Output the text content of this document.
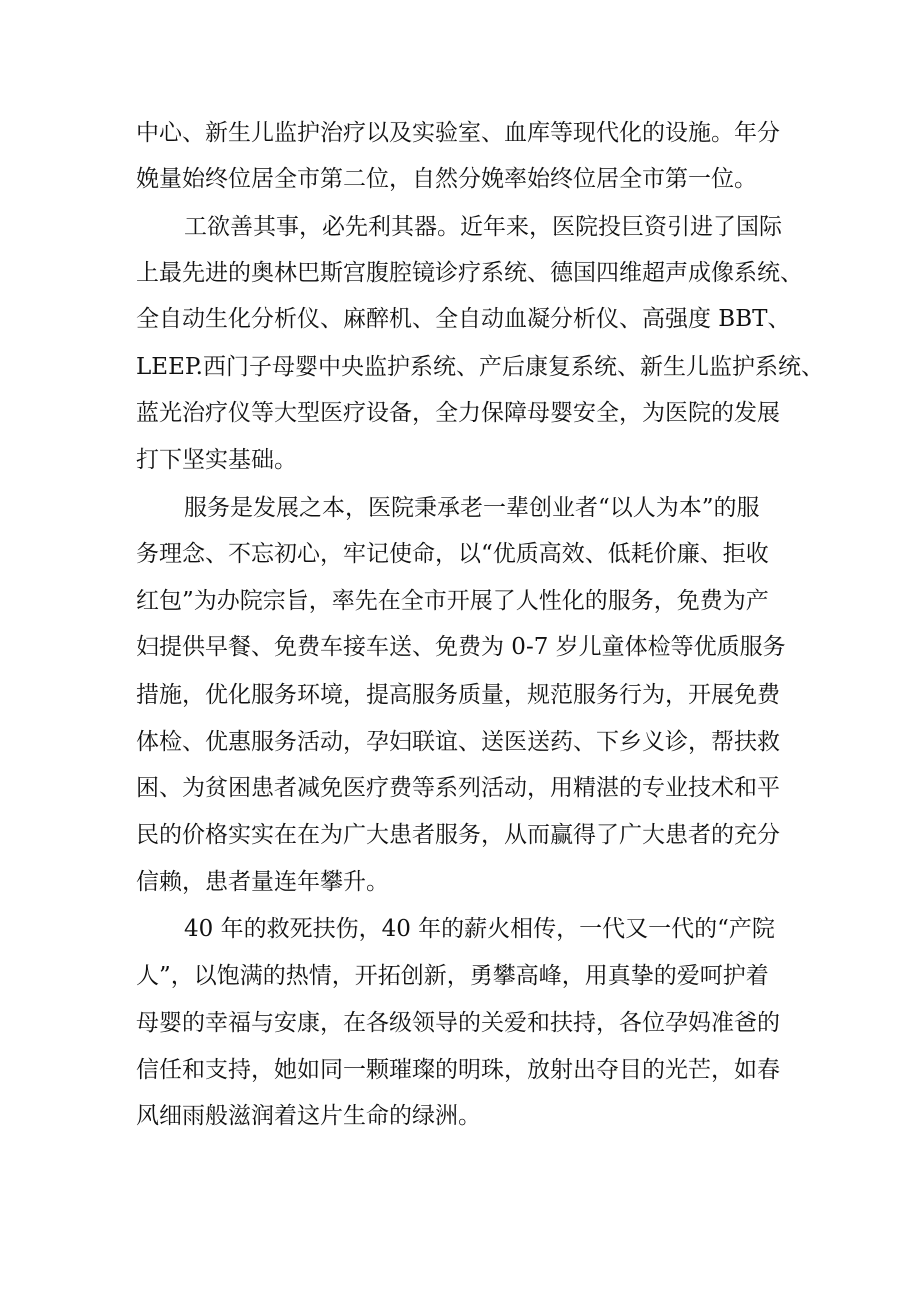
中心、新生儿监护治疗以及实验室、血库等现代化的设施。年分

娩量始终位居全市第二位，自然分娩率始终位居全市第一位。

工欲善其事，必先利其器。近年来，医院投巨资引进了国际

上最先进的奥林巴斯宫腹腔镜诊疗系统、德国四维超声成像系统、

全自动生化分析仪、麻醉机、全自动血凝分析仪、高强度 BBT、

LEEP.西门子母婴中央监护系统、产后康复系统、新生儿监护系统、

蓝光治疗仪等大型医疗设备，全力保障母婴安全，为医院的发展

打下坚实基础。

服务是发展之本，医院秉承老一辈创业者“以人为本”的服

务理念、不忘初心，牢记使命，以“优质高效、低耗价廉、拒收

红包”为办院宗旨，率先在全市开展了人性化的服务，免费为产

妇提供早餐、免费车接车送、免费为 0-7 岁儿童体检等优质服务

措施，优化服务环境，提高服务质量，规范服务行为，开展免费

体检、优惠服务活动，孕妇联谊、送医送药、下乡义诊，帮扶救

困、为贫困患者减免医疗费等系列活动，用精湛的专业技术和平

民的价格实实在在为广大患者服务，从而赢得了广大患者的充分

信赖，患者量连年攀升。

40 年的救死扶伤，40 年的薪火相传，一代又一代的“产院

人”，以饱满的热情，开拓创新，勇攀高峰，用真挚的爱呵护着

母婴的幸福与安康，在各级领导的关爱和扶持，各位孕妈准爸的

信任和支持，她如同一颗璀璨的明珠，放射出夺目的光芒，如春

风细雨般滋润着这片生命的绿洲。
